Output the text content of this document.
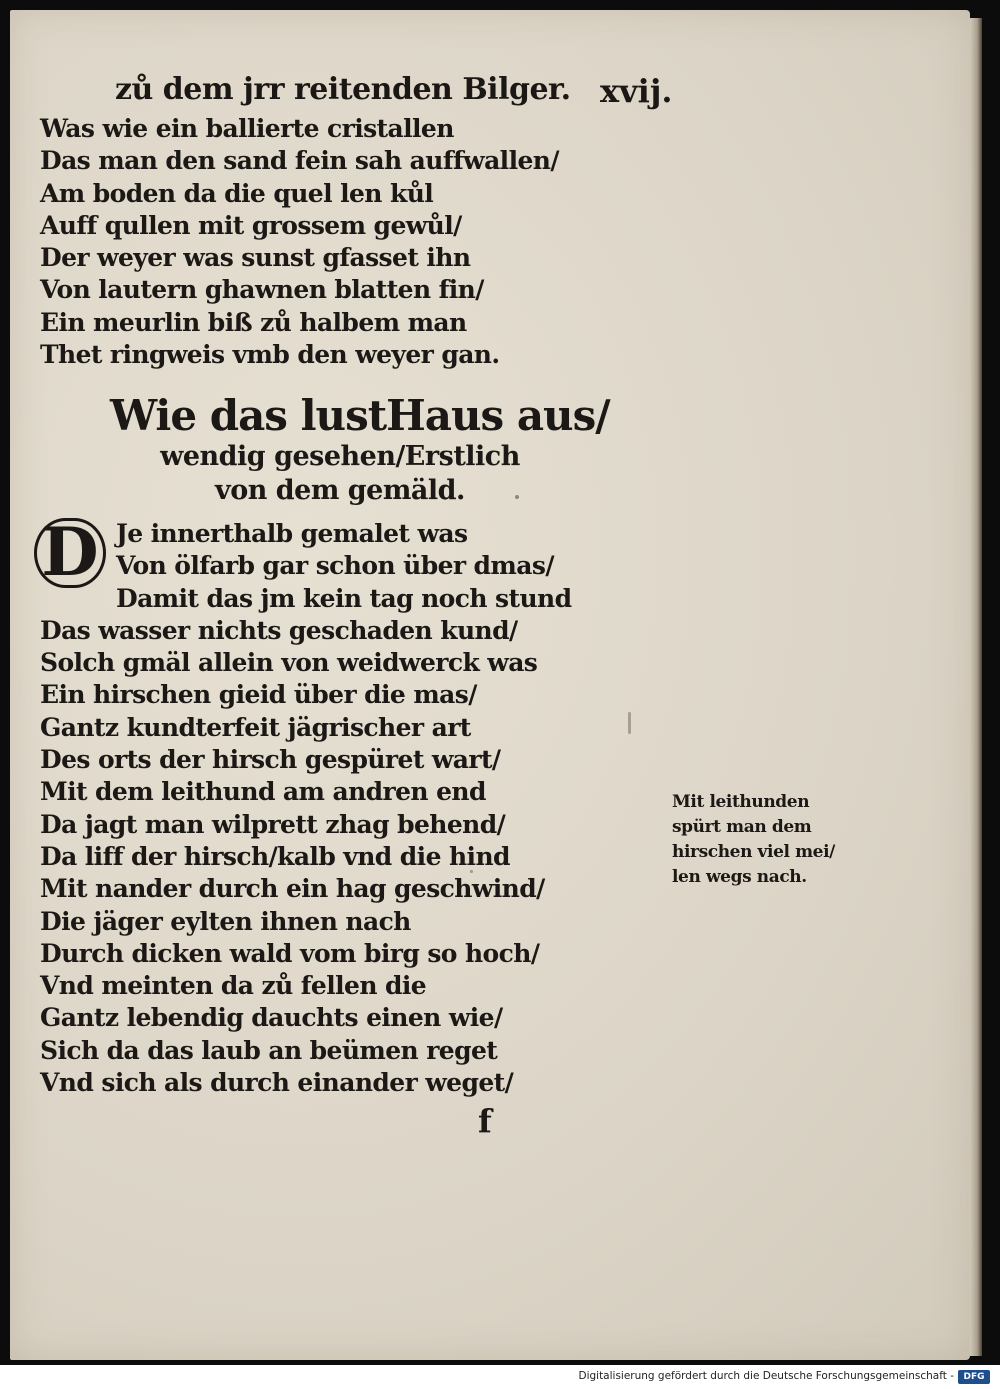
zů dem jrr reitenden Bilger. xvij.
Was wie ein ballierte cristallen
Das man den sand fein sah auffwallen/
Am boden da die quel len kůl
Auff qullen mit grossem gewůl/
Der weyer was sunst gfasset ihn
Von lautern ghawnen blatten fin/
Ein meurlin biß zů halbem man
Thet ringweis vmb den weyer gan.
Wie das lustHaus aus/
wendig gesehen/Erstlich
von dem gemäld.
D Je innerthalb gemalet was
Von ölfarb gar schon über dmas/
Damit das jm kein tag noch stund
Das wasser nichts geschaden kund/
Solch gmäl allein von weidwerck was
Ein hirschen gieid über die mas/
Gantz kundterfeit jägrischer art
Des orts der hirsch gespüret wart/
Mit dem leithund am andren end
Da jagt man wilprett zhag behend/
Da liff der hirsch/kalb vnd die hind
Mit nander durch ein hag geschwind/
Die jäger eylten ihnen nach
Durch dicken wald vom birg so hoch/
Vnd meinten da zů fellen die
Gantz lebendig dauchts einen wie/
Sich da das laub an beümen reget
Vnd sich als durch einander weget/
f
Mit leithunden
spürt man dem
hirschen viel mei/
len wegs nach.
Digitalisierung gefördert durch die Deutsche Forschungsgemeinschaft -	DFG
